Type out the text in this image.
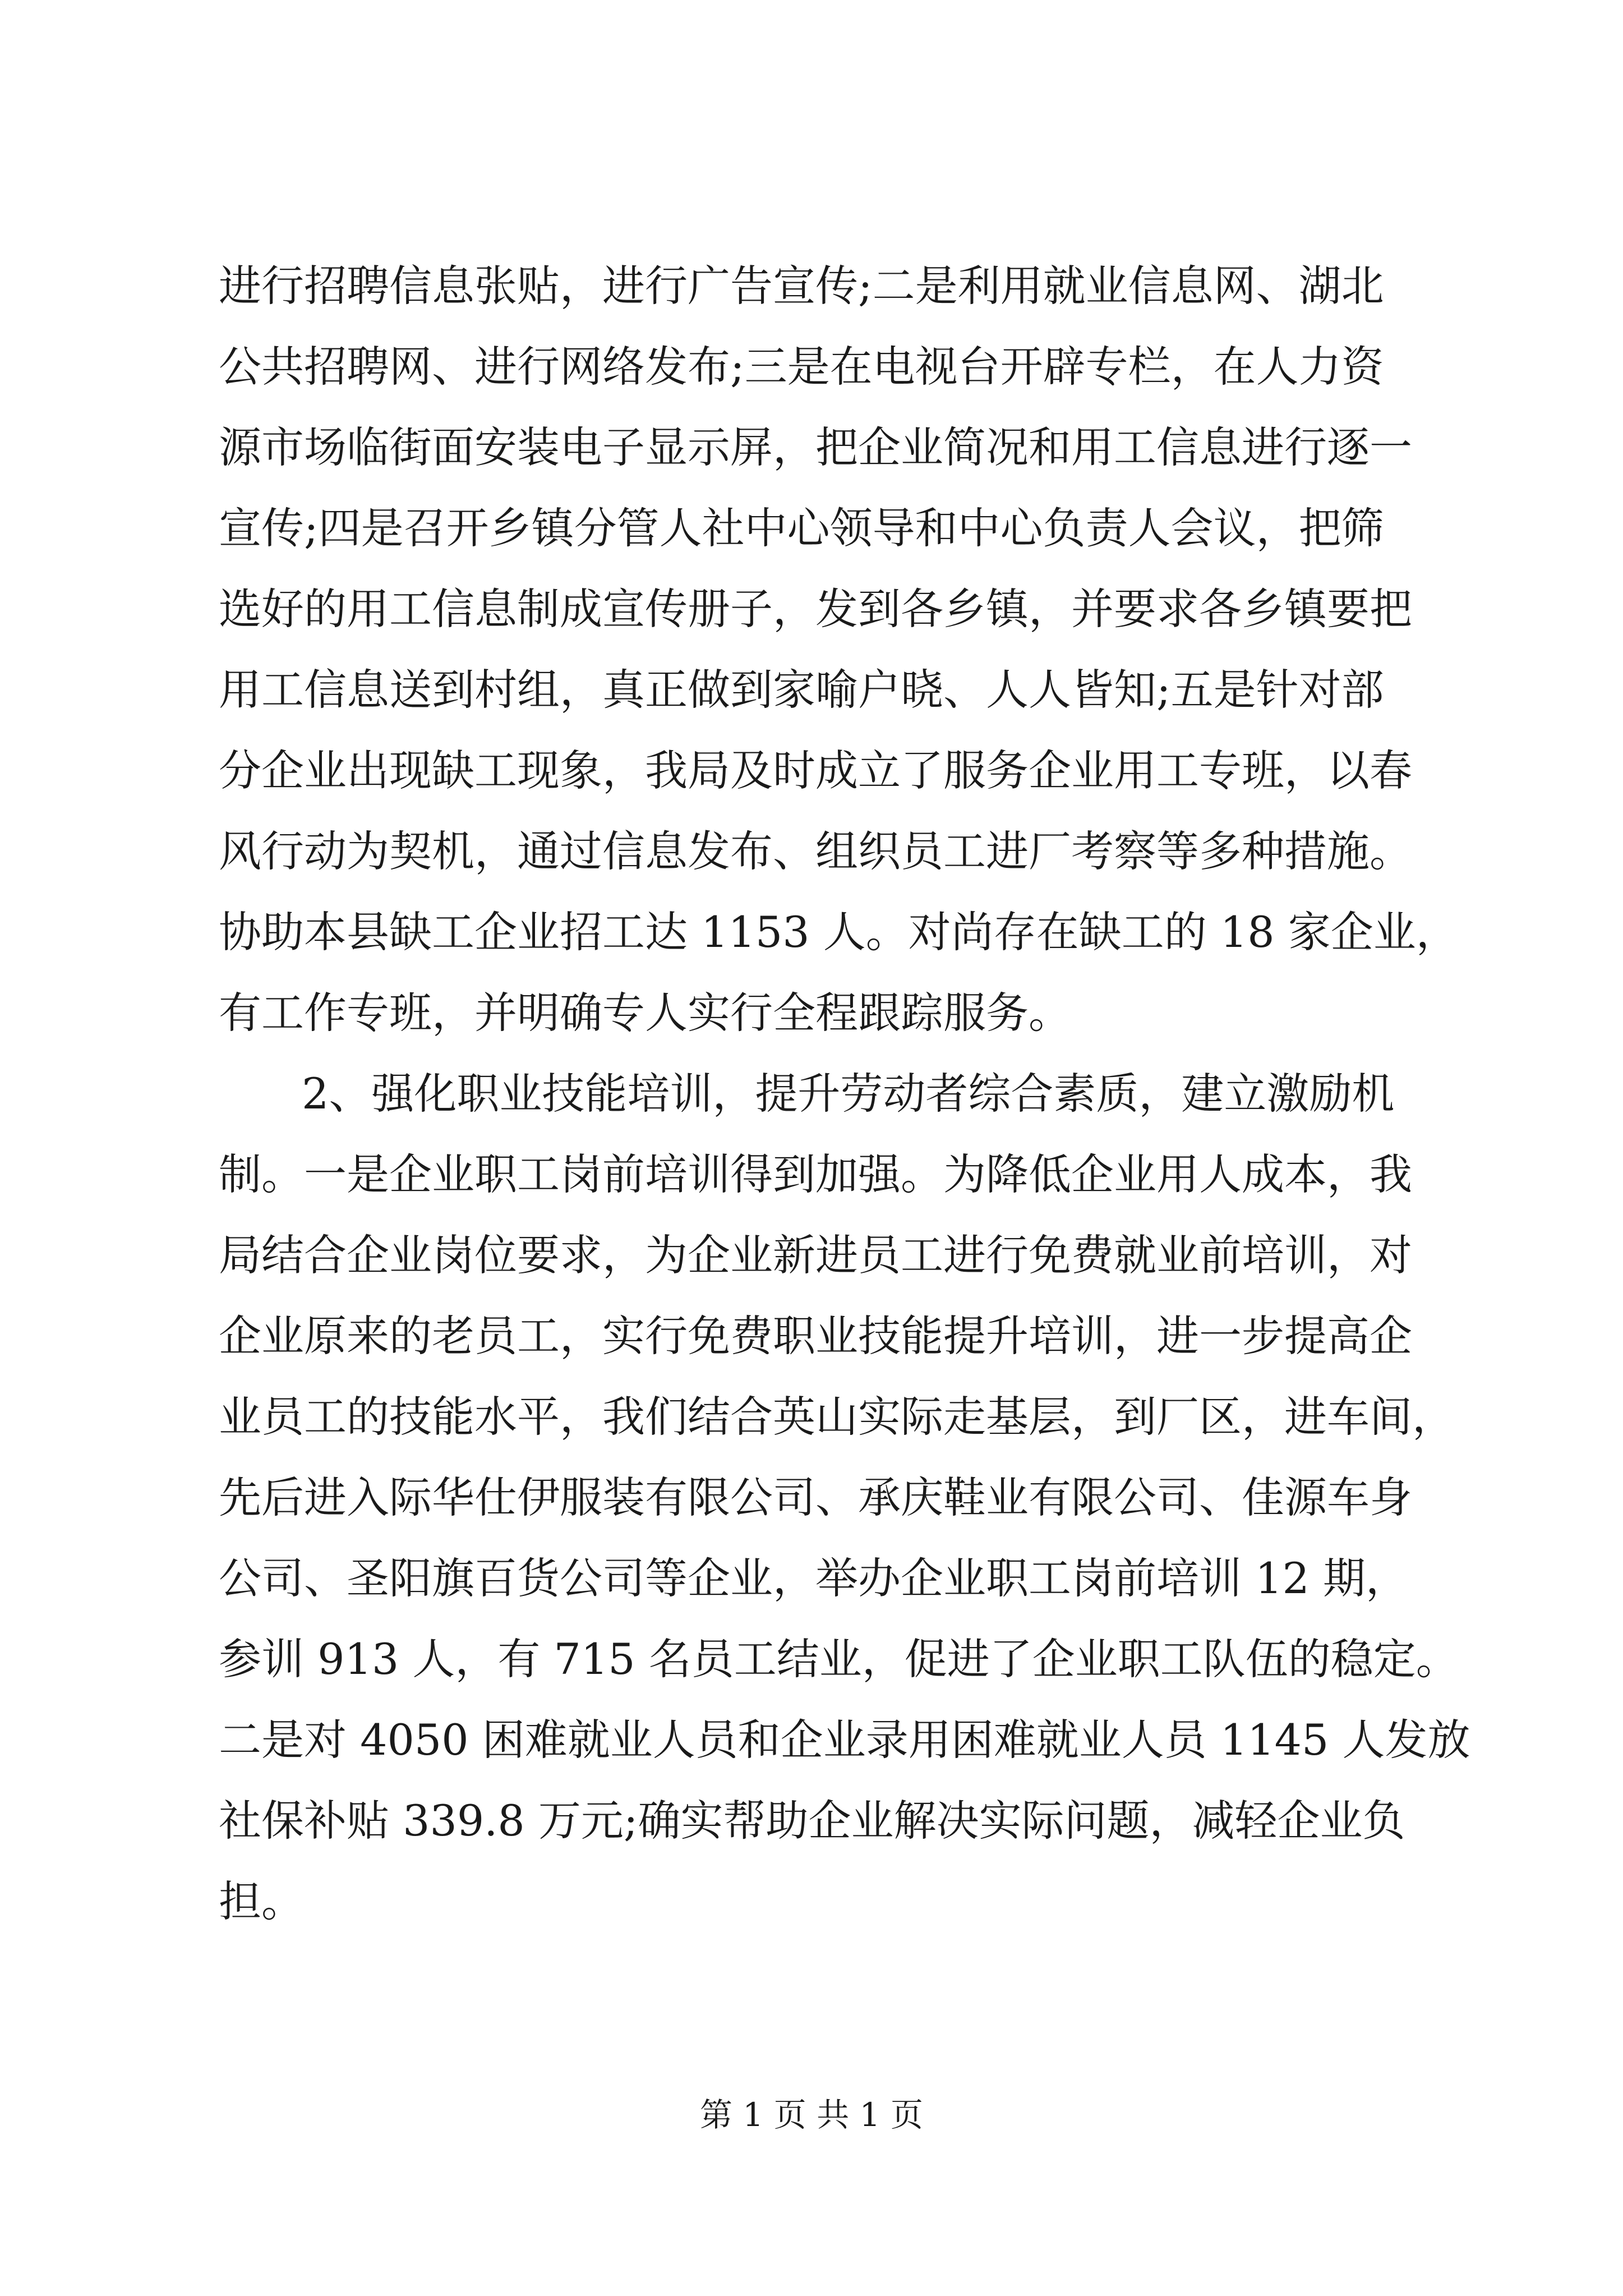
进行招聘信息张贴，进行广告宣传;二是利用就业信息网、湖北
公共招聘网、进行网络发布;三是在电视台开辟专栏，在人力资
源市场临街面安装电子显示屏，把企业简况和用工信息进行逐一
宣传;四是召开乡镇分管人社中心领导和中心负责人会议，把筛
选好的用工信息制成宣传册子，发到各乡镇，并要求各乡镇要把
用工信息送到村组，真正做到家喻户晓、人人皆知;五是针对部
分企业出现缺工现象，我局及时成立了服务企业用工专班，以春
风行动为契机，通过信息发布、组织员工进厂考察等多种措施。
协助本县缺工企业招工达 1153 人。对尚存在缺工的 18 家企业，
有工作专班，并明确专人实行全程跟踪服务。
2、强化职业技能培训，提升劳动者综合素质，建立激励机
制。一是企业职工岗前培训得到加强。为降低企业用人成本，我
局结合企业岗位要求，为企业新进员工进行免费就业前培训，对
企业原来的老员工，实行免费职业技能提升培训，进一步提高企
业员工的技能水平，我们结合英山实际走基层，到厂区，进车间，
先后进入际华仕伊服装有限公司、承庆鞋业有限公司、佳源车身
公司、圣阳旗百货公司等企业，举办企业职工岗前培训 12 期，
参训 913 人，有 715 名员工结业，促进了企业职工队伍的稳定。
二是对 4050 困难就业人员和企业录用困难就业人员 1145 人发放
社保补贴 339.8 万元;确实帮助企业解决实际问题，减轻企业负
担。
第 1 页 共 1 页
